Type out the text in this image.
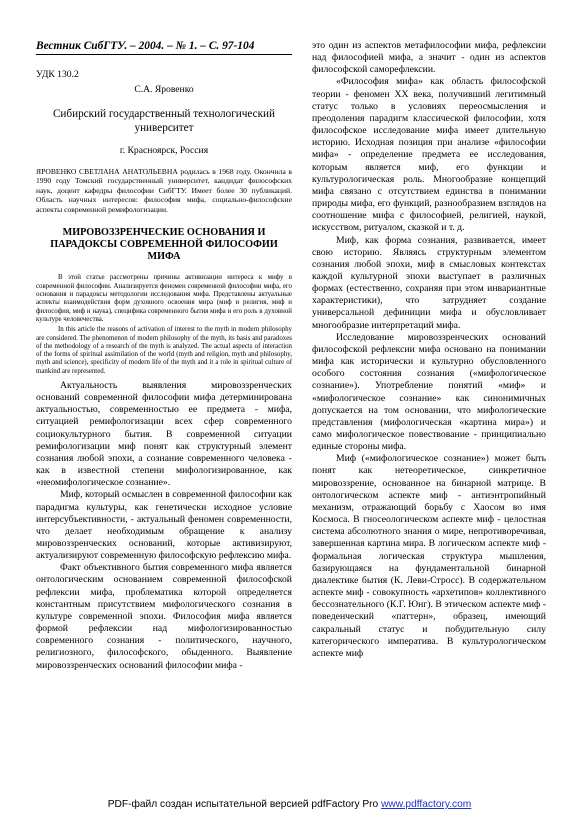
Вестник СибГТУ. – 2004. – № 1. – С. 97-104
УДК 130.2
С.А. Яровенко
Сибирский государственный технологический университет
г. Красноярск, Россия
ЯРОВЕНКО СВЕТЛАНА АНАТОЛЬЕВНА родилась в 1968 году. Окончила в 1990 году Томский государственный университет, кандидат философских наук, доцент кафедры философии СибГТУ. Имеет более 30 публикаций. Область научных интересов: философия мифа, социально-философские аспекты современной ремифологизации.
МИРОВОЗЗРЕНЧЕСКИЕ ОСНОВАНИЯ И ПАРАДОКСЫ СОВРЕМЕННОЙ ФИЛОСОФИИ МИФА
В этой статье рассмотрены причины активизации интереса к мифу в современной философии. Анализируется феномен современной философии мифа, его основания и парадоксы методологии исследования мифа. Представлены актуальные аспекты взаимодействия форм духовного освоения мира (миф и религия, миф и философия, миф и наука), специфика современного бытия мифа и его роль в духовной культуре человечества.
In this article the reasons of activation of interest to the myth in modern philosophy are considered. The phenomenon of modern philosophy of the myth, its basis and paradoxes of the methodology of a research of the myth is analyzed. The actual aspects of interaction of the forms of spiritual assimilation of the world (myth and religion, myth and philosophy, myth and science), specificity of modern life of the myth and it a role in spiritual culture of mankind are represented.

Актуальность выявления мировоззренческих оснований современной философии мифа детерминирована актуальностью, современностью ее предмета - мифа, ситуацией ремифологизации всех сфер современного социокультурного бытия. В современной ситуации ремифологизации миф понят как структурный элемент сознания любой эпохи, а сознание современного человека - как в известной степени мифологизированное, как «неомифологическое сознание».

Миф, который осмыслен в современной философии как парадигма культуры, как генетически исходное условие интерсубъективности, - актуальный феномен современности, что делает необходимым обращение к анализу мировоззренческих оснований, которые активизируют, актуализируют современную философскую рефлексию мифа.

Факт объективного бытия современного мифа является онтологическим основанием современной философской рефлексии мифа, проблематика которой определяется константным присутствием мифологического сознания в культуре современной эпохи. Философия мифа является формой рефлексии над мифологизированностью современного сознания - политического, научного, религиозного, философского, обыденного. Выявление мировоззренческих оснований философии мифа -

это один из аспектов метафилософии мифа, рефлексии над философией мифа, а значит - один из аспектов философской саморефлексии.

«Философия мифа» как область философской теории - феномен XX века, получивший легитимный статус только в условиях переосмысления и преодоления парадигм классической философии, хотя философское исследование мифа имеет длительную историю. Исходная позиция при анализе «философии мифа» - определение предмета ее исследования, которым является миф, его функции и культурологическая роль. Многообразие концепций мифа связано с отсутствием единства в понимании природы мифа, его функций, разнообразием взглядов на соотношение мифа с философией, религией, наукой, искусством, ритуалом, сказкой и т. д.

Миф, как форма сознания, развивается, имеет свою историю. Являясь структурным элементом сознания любой эпохи, миф в смысловых контекстах каждой культурной эпохи выступает в различных формах (естественно, сохраняя при этом инвариантные характеристики), что затрудняет создание универсальной дефиниции мифа и обусловливает многообразие интерпретаций мифа.

Исследование мировоззренческих оснований философской рефлексии мифа основано на понимании мифа как исторически и культурно обусловленного особого состояния сознания («мифологическое сознание»). Употребление понятий «миф» и «мифологическое сознание» как синонимичных допускается на том основании, что мифологические представления (мифологическая «картина мира») и само мифологическое повествование - принципиально единые стороны мифа.

Миф («мифологическое сознание») может быть понят как нетеоретическое, синкретичное мировоззрение, основанное на бинарной матрице. В онтологическом аспекте миф - антиэнтропийный механизм, отражающий борьбу с Хаосом во имя Космоса. В гносеологическом аспекте миф - целостная система абсолютного знания о мире, непротиворечивая, завершенная картина мира. В логическом аспекте миф - формальная логическая структура мышления, базирующаяся на фундаментальной бинарной диалектике бытия (К. Леви-Стросс). В содержательном аспекте миф - совокупность «архетипов» коллективного бессознательного (К.Г. Юнг). В этическом аспекте миф - поведенческий «паттерн», образец, имеющий сакральный статус и побудительную силу категорического императива. В культурологическом аспекте миф

PDF-файл создан испытательной версией pdfFactory Pro www.pdffactory.com
